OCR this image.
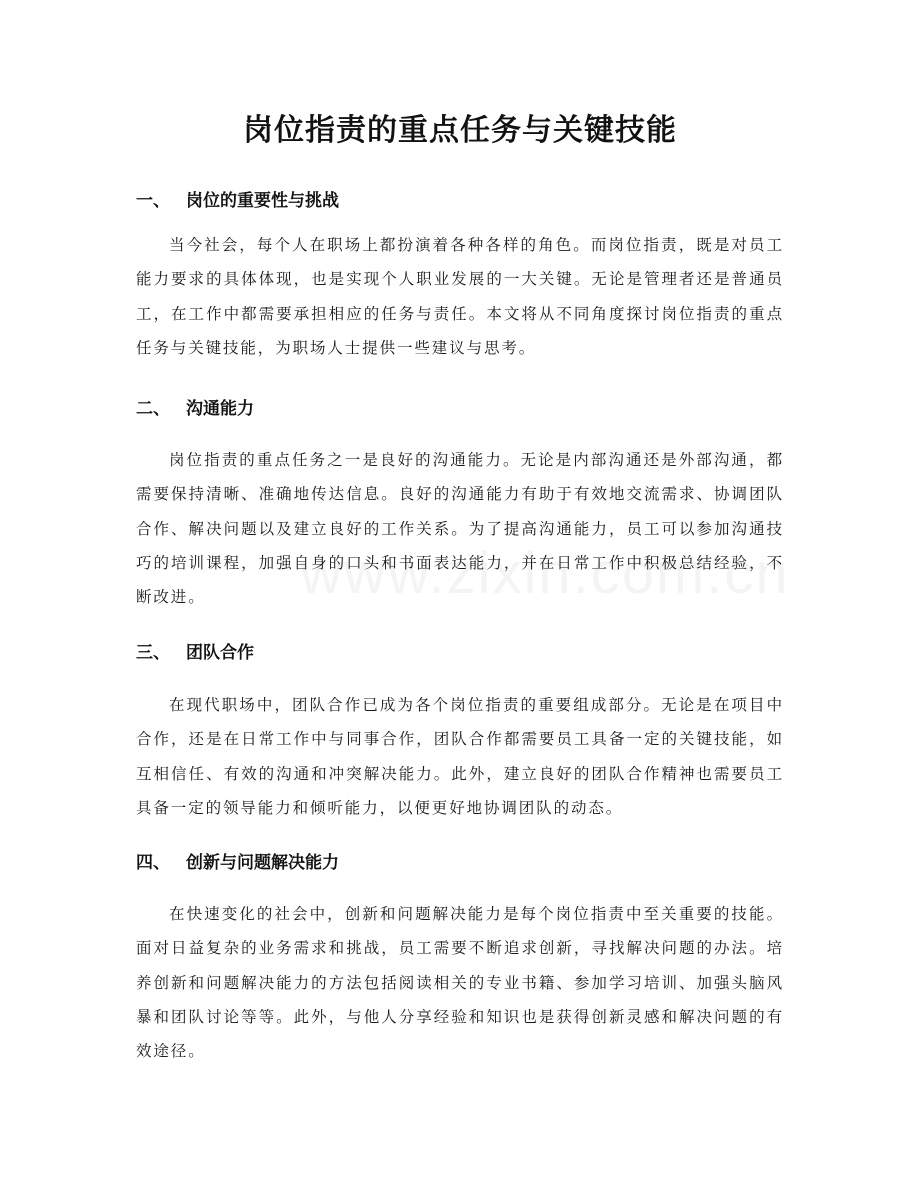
岗位指责的重点任务与关键技能
一、 岗位的重要性与挑战

当今社会，每个人在职场上都扮演着各种各样的角色。而岗位指责，既是对员工能力要求的具体体现，也是实现个人职业发展的一大关键。无论是管理者还是普通员工，在工作中都需要承担相应的任务与责任。本文将从不同角度探讨岗位指责的重点任务与关键技能，为职场人士提供一些建议与思考。

二、 沟通能力

岗位指责的重点任务之一是良好的沟通能力。无论是内部沟通还是外部沟通，都需要保持清晰、准确地传达信息。良好的沟通能力有助于有效地交流需求、协调团队合作、解决问题以及建立良好的工作关系。为了提高沟通能力，员工可以参加沟通技巧的培训课程，加强自身的口头和书面表达能力，并在日常工作中积极总结经验，不断改进。

三、 团队合作

在现代职场中，团队合作已成为各个岗位指责的重要组成部分。无论是在项目中合作，还是在日常工作中与同事合作，团队合作都需要员工具备一定的关键技能，如互相信任、有效的沟通和冲突解决能力。此外，建立良好的团队合作精神也需要员工具备一定的领导能力和倾听能力，以便更好地协调团队的动态。

四、 创新与问题解决能力

在快速变化的社会中，创新和问题解决能力是每个岗位指责中至关重要的技能。面对日益复杂的业务需求和挑战，员工需要不断追求创新，寻找解决问题的办法。培养创新和问题解决能力的方法包括阅读相关的专业书籍、参加学习培训、加强头脑风暴和团队讨论等等。此外，与他人分享经验和知识也是获得创新灵感和解决问题的有效途径。
